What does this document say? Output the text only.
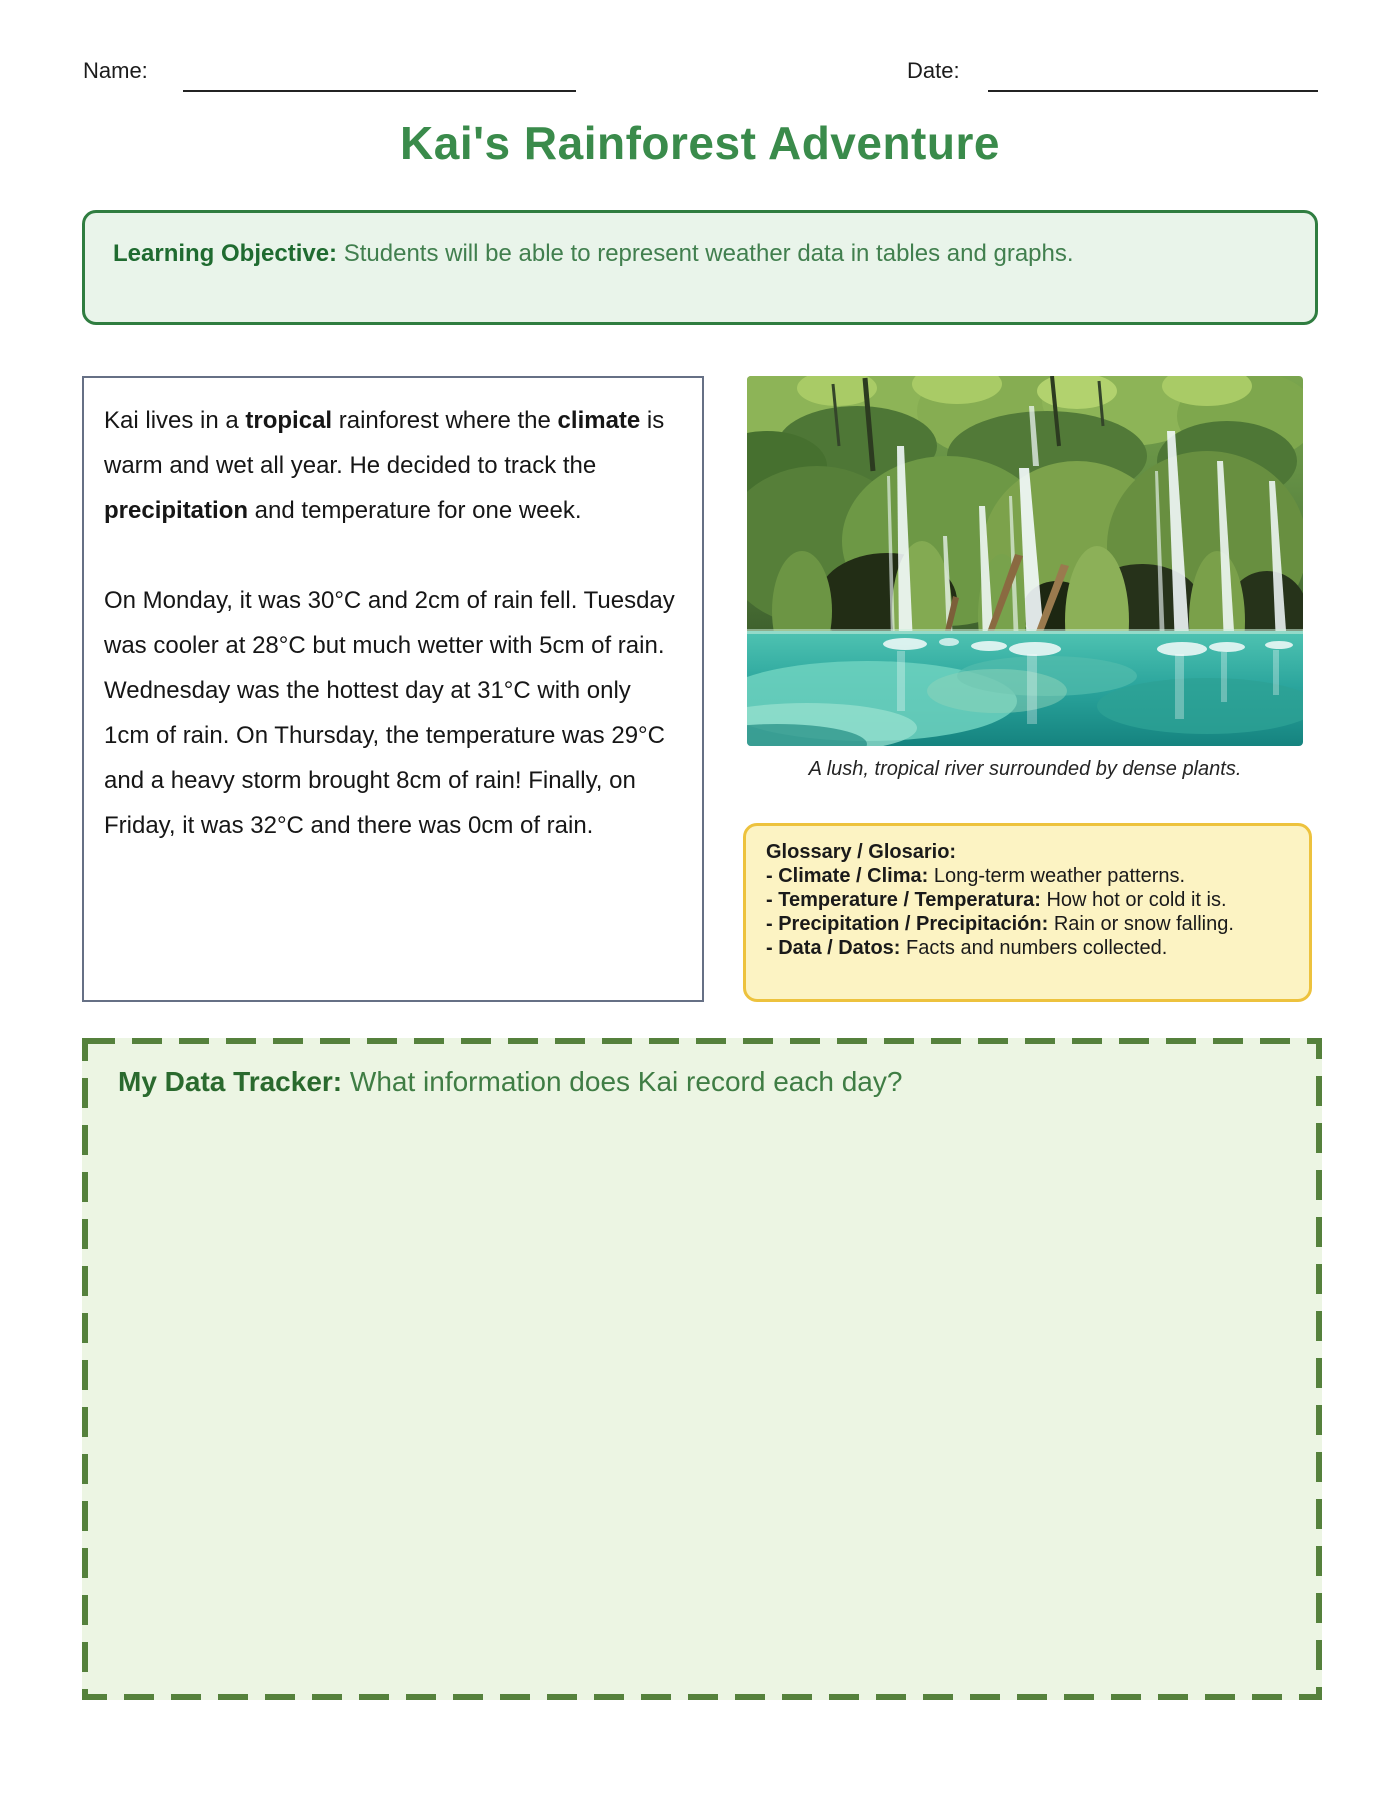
Name:	Date:
Kai's Rainforest Adventure
Learning Objective: Students will be able to represent weather data in tables and graphs.

Kai lives in a tropical rainforest where the climate is warm and wet all year. He decided to track the precipitation and temperature for one week.

On Monday, it was 30°C and 2cm of rain fell. Tuesday was cooler at 28°C but much wetter with 5cm of rain. Wednesday was the hottest day at 31°C with only 1cm of rain. On Thursday, the temperature was 29°C and a heavy storm brought 8cm of rain! Finally, on Friday, it was 32°C and there was 0cm of rain.

A lush, tropical river surrounded by dense plants.
Glossary / Glosario:
- Climate / Clima: Long-term weather patterns.
- Temperature / Temperatura: How hot or cold it is.
- Precipitation / Precipitación: Rain or snow falling.
- Data / Datos: Facts and numbers collected.
My Data Tracker: What information does Kai record each day?
